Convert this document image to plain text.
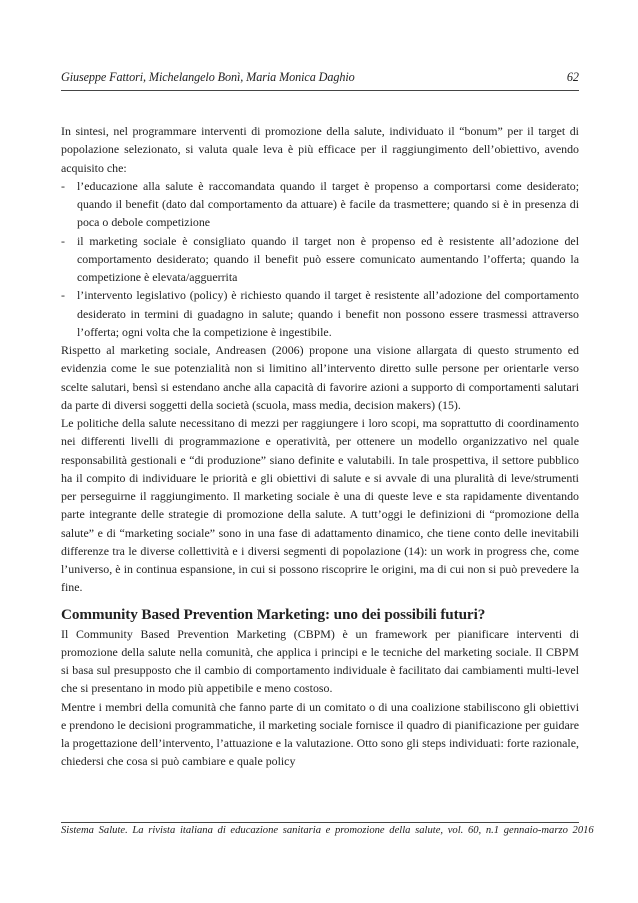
Giuseppe Fattori, Michelangelo Bonì, Maria Monica Daghio	62

In sintesi, nel programmare interventi di promozione della salute, individuato il “bonum” per il target di popolazione selezionato, si valuta quale leva è più efficace per il raggiungimento dell’obiettivo, avendo acquisito che:

- l’educazione alla salute è raccomandata quando il target è propenso a comportarsi come desiderato; quando il benefit (dato dal comportamento da attuare) è facile da trasmettere; quando si è in presenza di poca o debole competizione
- il marketing sociale è consigliato quando il target non è propenso ed è resistente all’adozione del comportamento desiderato; quando il benefit può essere comunicato aumentando l’offerta; quando la competizione è elevata/agguerrita
- l’intervento legislativo (policy) è richiesto quando il target è resistente all’adozione del comportamento desiderato in termini di guadagno in salute; quando i benefit non possono essere trasmessi attraverso l’offerta; ogni volta che la competizione è ingestibile.

Rispetto al marketing sociale, Andreasen (2006) propone una visione allargata di questo strumento ed evidenzia come le sue potenzialità non si limitino all’intervento diretto sulle persone per orientarle verso scelte salutari, bensì si estendano anche alla capacità di favorire azioni a supporto di comportamenti salutari da parte di diversi soggetti della società (scuola, mass media, decision makers) (15).

Le politiche della salute necessitano di mezzi per raggiungere i loro scopi, ma soprattutto di coordinamento nei differenti livelli di programmazione e operatività, per ottenere un modello organizzativo nel quale responsabilità gestionali e “di produzione” siano definite e valutabili. In tale prospettiva, il settore pubblico ha il compito di individuare le priorità e gli obiettivi di salute e si avvale di una pluralità di leve/strumenti per perseguirne il raggiungimento. Il marketing sociale è una di queste leve e sta rapidamente diventando parte integrante delle strategie di promozione della salute. A tutt’oggi le definizioni di “promozione della salute” e di “marketing sociale” sono in una fase di adattamento dinamico, che tiene conto delle inevitabili differenze tra le diverse collettività e i diversi segmenti di popolazione (14): un work in progress che, come l’universo, è in continua espansione, in cui si possono riscoprire le origini, ma di cui non si può prevedere la fine.

Community Based Prevention Marketing: uno dei possibili futuri?

Il Community Based Prevention Marketing (CBPM) è un framework per pianificare interventi di promozione della salute nella comunità, che applica i principi e le tecniche del marketing sociale. Il CBPM si basa sul presupposto che il cambio di comportamento individuale è facilitato dai cambiamenti multi-level che si presentano in modo più appetibile e meno costoso.

Mentre i membri della comunità che fanno parte di un comitato o di una coalizione stabiliscono gli obiettivi e prendono le decisioni programmatiche, il marketing sociale fornisce il quadro di pianificazione per guidare la progettazione dell’intervento, l’attuazione e la valutazione. Otto sono gli steps individuati: forte razionale, chiedersi che cosa si può cambiare e quale policy

Sistema Salute. La rivista italiana di educazione sanitaria e promozione della salute, vol. 60, n.1 gennaio-marzo 2016
